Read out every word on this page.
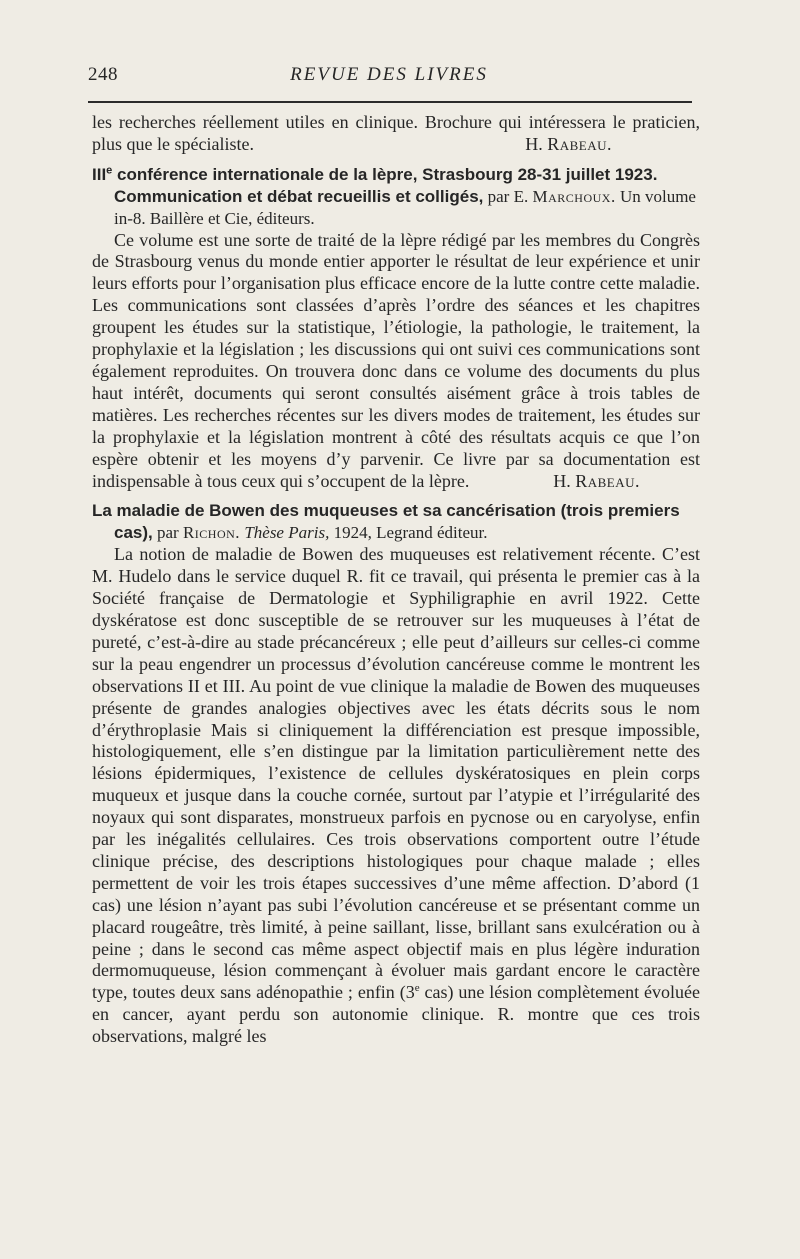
248	REVUE DES LIVRES

les recherches réellement utiles en clinique. Brochure qui intéressera le praticien, plus que le spécialiste.	H. Rabeau.

IIIe conférence internationale de la lèpre, Strasbourg 28-31 juillet 1923. Communication et débat recueillis et colligés, par E. Marchoux. Un volume in-8. Baillère et Cie, éditeurs.

Ce volume est une sorte de traité de la lèpre rédigé par les membres du Congrès de Strasbourg venus du monde entier apporter le résultat de leur expérience et unir leurs efforts pour l’organisation plus efficace encore de la lutte contre cette maladie. Les communications sont classées d’après l’ordre des séances et les chapitres groupent les études sur la statistique, l’étiologie, la pathologie, le traitement, la prophylaxie et la législation ; les discussions qui ont suivi ces communications sont également reproduites. On trouvera donc dans ce volume des documents du plus haut intérêt, documents qui seront consultés aisément grâce à trois tables de matières. Les recherches récentes sur les divers modes de traitement, les études sur la prophylaxie et la législation montrent à côté des résultats acquis ce que l’on espère obtenir et les moyens d’y parvenir. Ce livre par sa documentation est indispensable à tous ceux qui s’occupent de la lèpre.	H. Rabeau.

La maladie de Bowen des muqueuses et sa cancérisation (trois premiers cas), par Richon. Thèse Paris, 1924, Legrand éditeur.

La notion de maladie de Bowen des muqueuses est relativement récente. C’est M. Hudelo dans le service duquel R. fit ce travail, qui présenta le premier cas à la Société française de Dermatologie et Syphiligraphie en avril 1922. Cette dyskératose est donc susceptible de se retrouver sur les muqueuses à l’état de pureté, c’est-à-dire au stade précancéreux ; elle peut d’ailleurs sur celles-ci comme sur la peau engendrer un processus d’évolution cancéreuse comme le montrent les observations II et III. Au point de vue clinique la maladie de Bowen des muqueuses présente de grandes analogies objectives avec les états décrits sous le nom d’érythroplasie Mais si cliniquement la différenciation est presque impossible, histologiquement, elle s’en distingue par la limitation particulièrement nette des lésions épidermiques, l’existence de cellules dyskératosiques en plein corps muqueux et jusque dans la couche cornée, surtout par l’atypie et l’irrégularité des noyaux qui sont disparates, monstrueux parfois en pycnose ou en caryolyse, enfin par les inégalités cellulaires. Ces trois observations comportent outre l’étude clinique précise, des descriptions histologiques pour chaque malade ; elles permettent de voir les trois étapes successives d’une même affection. D’abord (1 cas) une lésion n’ayant pas subi l’évolution cancéreuse et se présentant comme un placard rougeâtre, très limité, à peine saillant, lisse, brillant sans exulcération ou à peine ; dans le second cas même aspect objectif mais en plus légère induration dermomuqueuse, lésion commençant à évoluer mais gardant encore le caractère type, toutes deux sans adénopathie ; enfin (3e cas) une lésion complètement évoluée en cancer, ayant perdu son autonomie clinique. R. montre que ces trois observations, malgré les
